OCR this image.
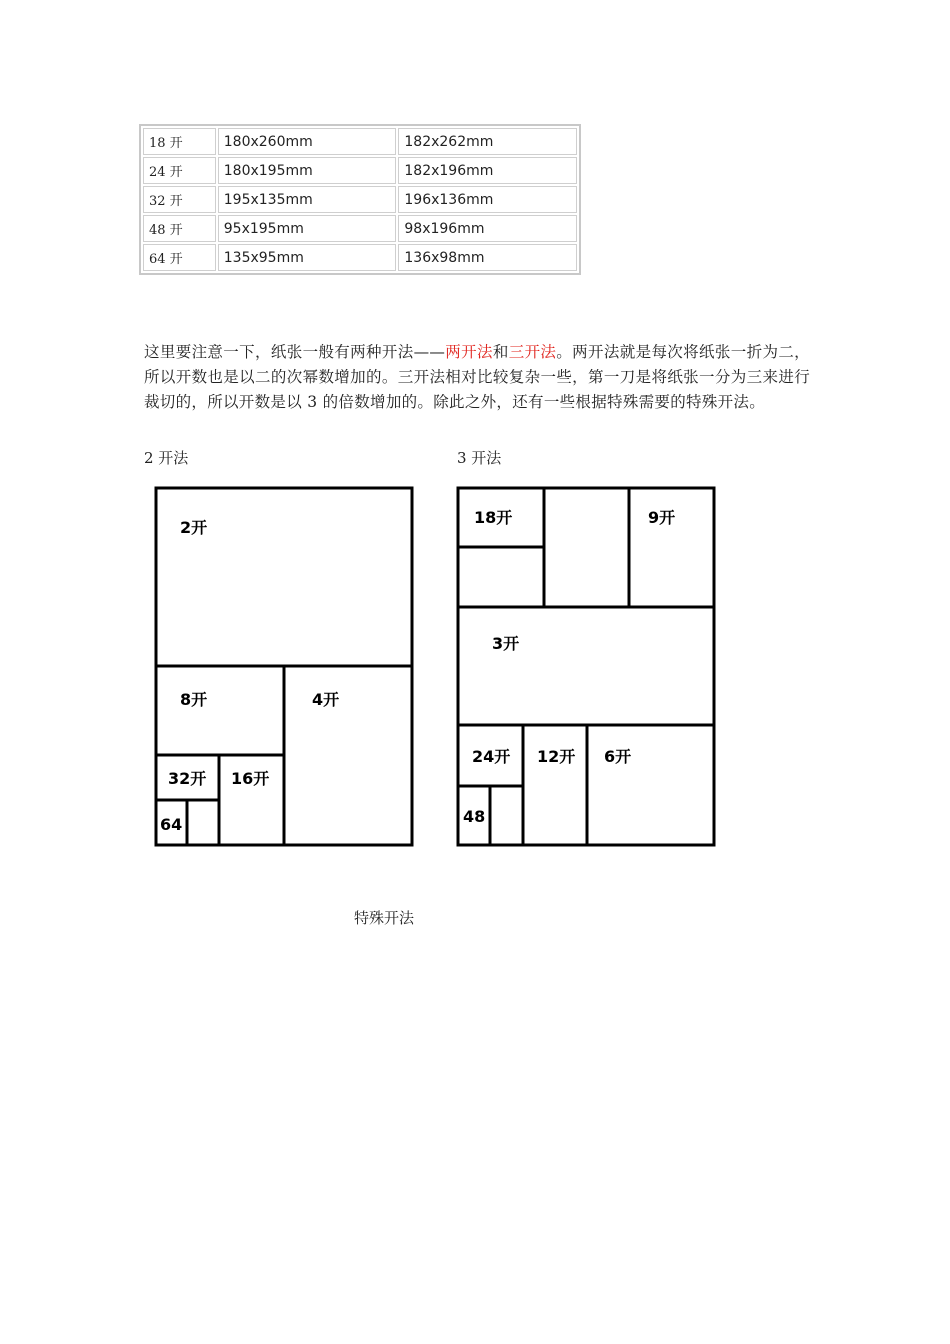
18 开	180x260mm	182x262mm
24 开	180x195mm	182x196mm
32 开	195x135mm	196x136mm
48 开	95x195mm	98x196mm
64 开	135x95mm	136x98mm

这里要注意一下，纸张一般有两种开法——两开法和三开法。两开法就是每次将纸张一折为二，所以开数也是以二的次幂数增加的。三开法相对比较复杂一些，第一刀是将纸张一分为三来进行裁切的，所以开数是以 3 的倍数增加的。除此之外，还有一些根据特殊需要的特殊开法。

2 开法	3 开法
2开
4开
8开
16开
32开
64
18开	9开
3开
24开 12开 6开
48
特殊开法
